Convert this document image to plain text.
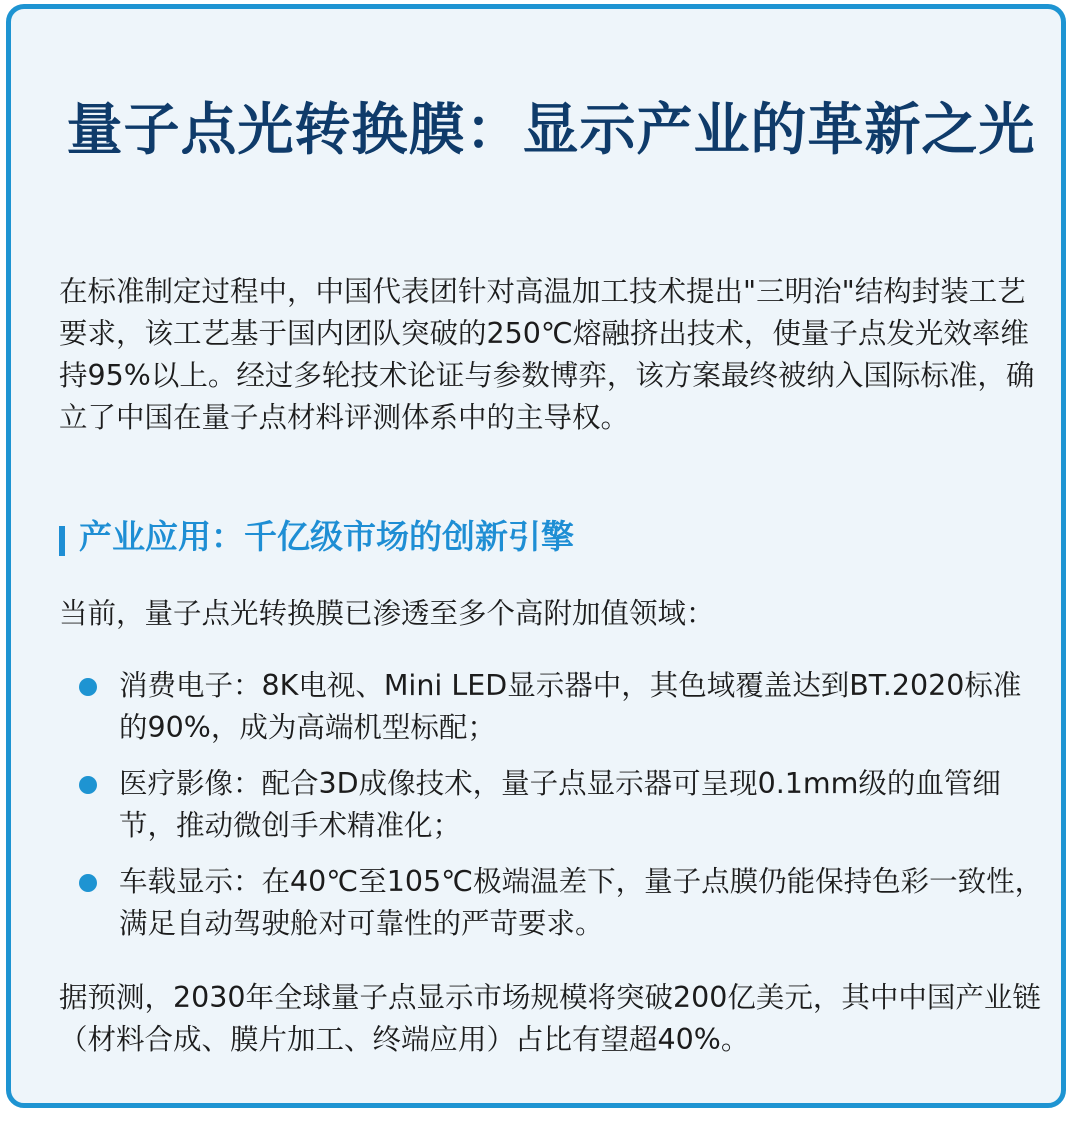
量子点光转换膜：显示产业的革新之光

在标准制定过程中，中国代表团针对高温加工技术提出"三明治"结构封装工艺要求，该工艺基于国内团队突破的250℃熔融挤出技术，使量子点发光效率维持95%以上。经过多轮技术论证与参数博弈，该方案最终被纳入国际标准，确立了中国在量子点材料评测体系中的主导权。

产业应用：千亿级市场的创新引擎

当前，量子点光转换膜已渗透至多个高附加值领域：

消费电子：8K电视、Mini LED显示器中，其色域覆盖达到BT.2020标准的90%，成为高端机型标配；
医疗影像：配合3D成像技术，量子点显示器可呈现0.1mm级的血管细节，推动微创手术精准化；
车载显示：在40℃至105℃极端温差下，量子点膜仍能保持色彩一致性，满足自动驾驶舱对可靠性的严苛要求。

据预测，2030年全球量子点显示市场规模将突破200亿美元，其中中国产业链（材料合成、膜片加工、终端应用）占比有望超40%。
